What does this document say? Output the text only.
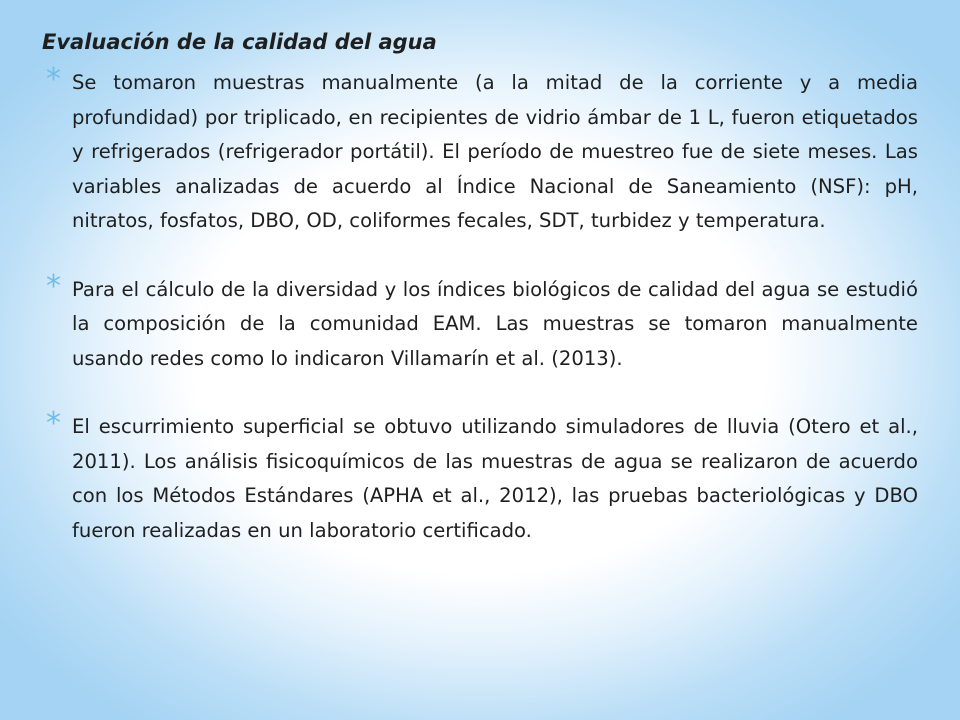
Evaluación de la calidad del agua
* Se tomaron muestras manualmente (a la mitad de la corriente y a media profundidad) por triplicado, en recipientes de vidrio ámbar de 1 L, fueron etiquetados y refrigerados (refrigerador portátil). El período de muestreo fue de siete meses. Las variables analizadas de acuerdo al Índice Nacional de Saneamiento (NSF): pH, nitratos, fosfatos, DBO, OD, coliformes fecales, SDT, turbidez y temperatura.
* Para el cálculo de la diversidad y los índices biológicos de calidad del agua se estudió la composición de la comunidad EAM. Las muestras se tomaron manualmente usando redes como lo indicaron Villamarín et al. (2013).
* El escurrimiento superficial se obtuvo utilizando simuladores de lluvia (Otero et al., 2011). Los análisis fisicoquímicos de las muestras de agua se realizaron de acuerdo con los Métodos Estándares (APHA et al., 2012), las pruebas bacteriológicas y DBO fueron realizadas en un laboratorio certificado.
